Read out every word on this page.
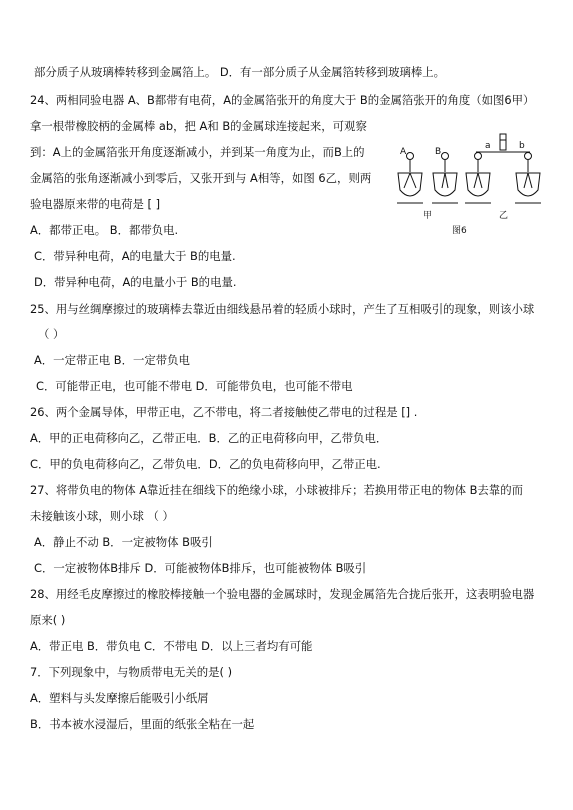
部分质子从玻璃棒转移到金属箔上。 D．有一部分质子从金属箔转移到玻璃棒上。
24、两相同验电器 A、B都带有电荷，A的金属箔张开的角度大于 B的金属箔张开的角度（如图6甲）
拿一根带橡胶柄的金属棒 ab，把 A和 B的金属球连接起来，可观察
到：A上的金属箔张开角度逐渐减小，并到某一角度为止，而B上的
金属箔的张角逐渐减小到零后，又张开到与 A相等，如图 6乙，则两
验电器原来带的电荷是 [ ]
A．都带正电。 B．都带负电.
C．带异种电荷，A的电量大于 B的电量.
D．带异种电荷，A的电量小于 B的电量.
25、用与丝绸摩擦过的玻璃棒去靠近由细线悬吊着的轻质小球时，产生了互相吸引的现象，则该小球
（ ）
A．一定带正电 B．一定带负电
C．可能带正电，也可能不带电 D．可能带负电，也可能不带电
26、两个金属导体，甲带正电，乙不带电，将二者接触使乙带电的过程是 [] .
A．甲的正电荷移向乙，乙带正电．B．乙的正电荷移向甲，乙带负电．
C．甲的负电荷移向乙，乙带负电．D．乙的负电荷移向甲，乙带正电.
27、将带负电的物体 A靠近挂在细线下的绝缘小球，小球被排斥；若换用带正电的物体 B去靠的而
未接触该小球，则小球 （ ）
A．静止不动 B．一定被物体 B吸引
C．一定被物体B排斥 D．可能被物体B排斥，也可能被物体 B吸引
28、用经毛皮摩擦过的橡胶棒接触一个验电器的金属球时，发现金属箔先合拢后张开，这表明验电器
原来( )
A．带正电 B．带负电 C．不带电 D．以上三者均有可能
7．下列现象中，与物质带电无关的是( )
A．塑料与头发摩擦后能吸引小纸屑
B．书本被水浸湿后，里面的纸张全粘在一起
A	B
甲
a	b
乙
图6
